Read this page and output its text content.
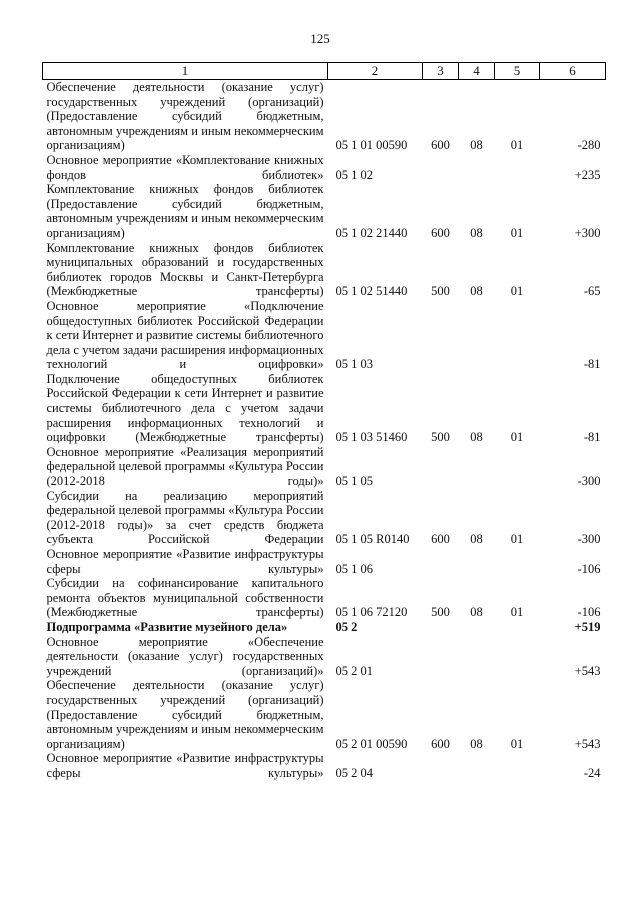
125
1	2	3	4	5	6
Обеспечение деятельности (оказание услуг) государственных учреждений (организаций) (Предоставление субсидий бюджетным, автономным учреждениям и иным некоммерческим организациям)	05 1 01 00590	600	08	01	-280
Основное мероприятие «Комплектование книжных фондов библиотек»	05 1 02				+235
Комплектование книжных фондов библиотек (Предоставление субсидий бюджетным, автономным учреждениям и иным некоммерческим организациям)	05 1 02 21440	600	08	01	+300
Комплектование книжных фондов библиотек муниципальных образований и государственных библиотек городов Москвы и Санкт-Петербурга (Межбюджетные трансферты)	05 1 02 51440	500	08	01	-65
Основное мероприятие «Подключение общедоступных библиотек Российской Федерации к сети Интернет и развитие системы библиотечного дела с учетом задачи расширения информационных технологий и оцифровки»	05 1 03				-81
Подключение общедоступных библиотек Российской Федерации к сети Интернет и развитие системы библиотечного дела с учетом задачи расширения информационных технологий и оцифровки (Межбюджетные трансферты)	05 1 03 51460	500	08	01	-81
Основное мероприятие «Реализация мероприятий федеральной целевой программы «Культура России (2012-2018 годы)»	05 1 05				-300
Субсидии на реализацию мероприятий федеральной целевой программы «Культура России (2012-2018 годы)» за счет средств бюджета субъекта Российской Федерации	05 1 05 R0140	600	08	01	-300
Основное мероприятие «Развитие инфраструктуры сферы культуры»	05 1 06				-106
Субсидии на софинансирование капитального ремонта объектов муниципальной собственности (Межбюджетные трансферты)	05 1 06 72120	500	08	01	-106
Подпрограмма «Развитие музейного дела»	05 2				+519
Основное мероприятие «Обеспечение деятельности (оказание услуг) государственных учреждений (организаций)»	05 2 01				+543
Обеспечение деятельности (оказание услуг) государственных учреждений (организаций) (Предоставление субсидий бюджетным, автономным учреждениям и иным некоммерческим организациям)	05 2 01 00590	600	08	01	+543
Основное мероприятие «Развитие инфраструктуры сферы культуры»	05 2 04				-24
